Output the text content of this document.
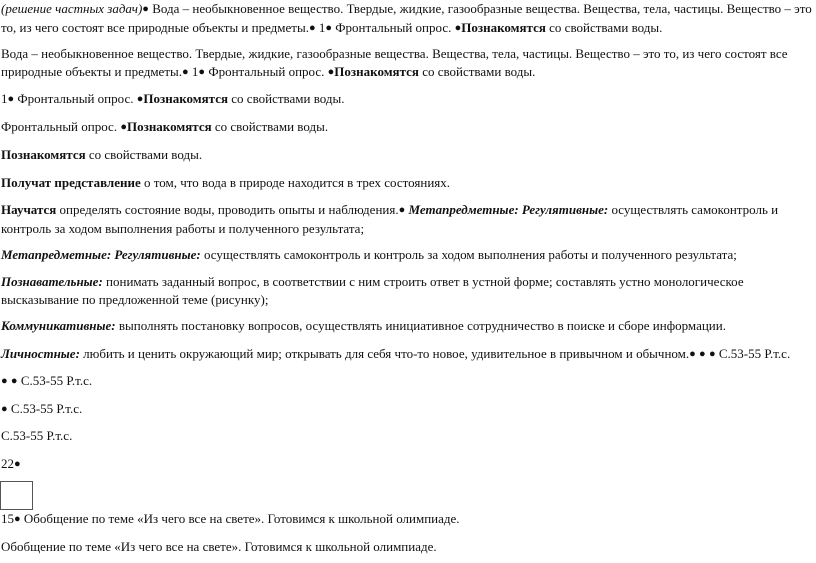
(решение частных задач)● Вода – необыкновенное вещество. Твердые, жидкие, газообразные вещества. Вещества, тела, частицы. Вещество – это то, из чего состоят все природные объекты и предметы.● 1● Фронтальный опрос. ●Познакомятся со свойствами воды.
Вода – необыкновенное вещество. Твердые, жидкие, газообразные вещества. Вещества, тела, частицы. Вещество – это то, из чего состоят все природные объекты и предметы.● 1● Фронтальный опрос. ●Познакомятся со свойствами воды.
1● Фронтальный опрос. ●Познакомятся со свойствами воды.
Фронтальный опрос. ●Познакомятся со свойствами воды.
Познакомятся со свойствами воды.
Получат представление о том, что вода в природе находится в трех состояниях.
Научатся определять состояние воды, проводить опыты и наблюдения.● Метапредметные: Регулятивные: осуществлять самоконтроль и контроль за ходом выполнения работы и полученного результата;
Метапредметные: Регулятивные: осуществлять самоконтроль и контроль за ходом выполнения работы и полученного результата;
Познавательные: понимать заданный вопрос, в соответствии с ним строить ответ в устной форме; составлять устно монологическое высказывание по предложенной теме (рисунку);
Коммуникативные: выполнять постановку вопросов, осуществлять инициативное сотрудничество в поиске и сборе информации.
Личностные: любить и ценить окружающий мир; открывать для себя что-то новое, удивительное в привычном и обычном.● ● ● С.53-55 Р.т.с.
● ● С.53-55 Р.т.с.
● С.53-55 Р.т.с.
С.53-55 Р.т.с.
22●
15● Обобщение по теме «Из чего все на свете». Готовимся к школьной олимпиаде.
Обобщение по теме «Из чего все на свете». Готовимся к школьной олимпиаде.
